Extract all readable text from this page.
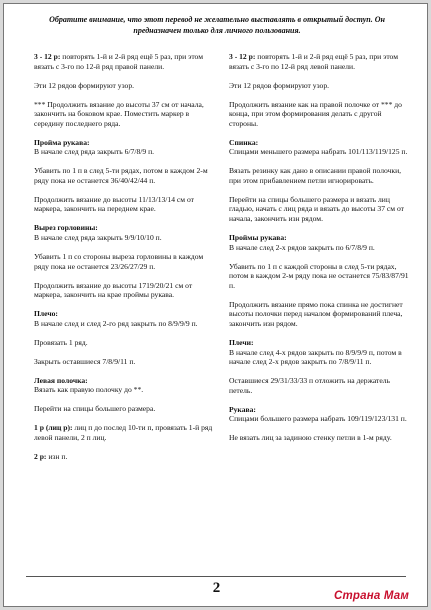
Обратите внимание, что этот перевод не желательно выставлять в открытый доступ. Он предназначен только для личного пользования.

3 - 12 р: повторять 1-й и 2-й ряд ещё 5 раз, при этом вязать с 3-го по 12-й ряд правой панели.

Эти 12 рядов формируют узор.

*** Продолжить вязание до высоты 37 см от начала, закончить на боковом крае. Поместить маркер в середину последнего ряда.

Пройма рукава:

В начале след ряда закрыть 6/7/8/9 п.

Убавить по 1 п в след 5-ти рядах, потом в каждом 2-м ряду пока не останется 36/40/42/44 п.

Продолжить вязание до высоты 11/13/13/14 см от маркера, закончить на переднем крае.

Вырез горловины:

В начале след ряда закрыть 9/9/10/10 п.

Убавить 1 п со стороны выреза горловины в каждом ряду пока не останется 23/26/27/29 п.

Продолжить вязание до высоты 1719/20/21 см от маркера, закончить на крае проймы рукава.

Плечо:

В начале след и след 2-го ряд закрыть по 8/9/9/9 п.

Провязать 1 ряд.

Закрыть оставшиеся 7/8/9/11 п.

Левая полочка:

Вязать как правую полочку до **.

Перейти на спицы большего размера.

1 р (лиц р): лиц п до послед 10-ти п, провязать 1-й ряд левой панели, 2 п лиц.

2 р: изн п.

3 - 12 р: повторять 1-й и 2-й ряд ещё 5 раз, при этом вязать с 3-го по 12-й ряд левой панели.

Эти 12 рядов формируют узор.

Продолжить вязание как на правой полочке от *** до конца, при этом формирования делать с другой стороны.

Спинка:

Спицами меньшего размера набрать 101/113/119/125 п.

Вязать резинку как дано в описании правой полочки, при этом прибавлением петли игнорировать.

Перейти на спицы большего размера и вязать лиц гладью, начать с лиц ряда и вязать до высоты 37 см от начала, закончить изн рядом.

Проймы рукава:

В начале след 2-х рядов закрыть по 6/7/8/9 п.

Убавить по 1 п с каждой стороны в след 5-ти рядах, потом в каждом 2-м ряду пока не останется 75/83/87/91 п.

Продолжить вязание прямо пока спинка не достигнет высоты полочки перед началом формирований плеча, закончить изн рядом.

Плечи:

В начале след 4-х рядов закрыть по 8/9/9/9 п, потом в начале след 2-х рядов закрыть по 7/8/9/11 п.

Оставшиеся 29/31/33/33 п отложить на держатель петель.

Рукава:

Спицами большего размера набрать 109/119/123/131 п.

Не вязать лиц за задиною стенку петли в 1-м ряду.

2	Страна Мам
